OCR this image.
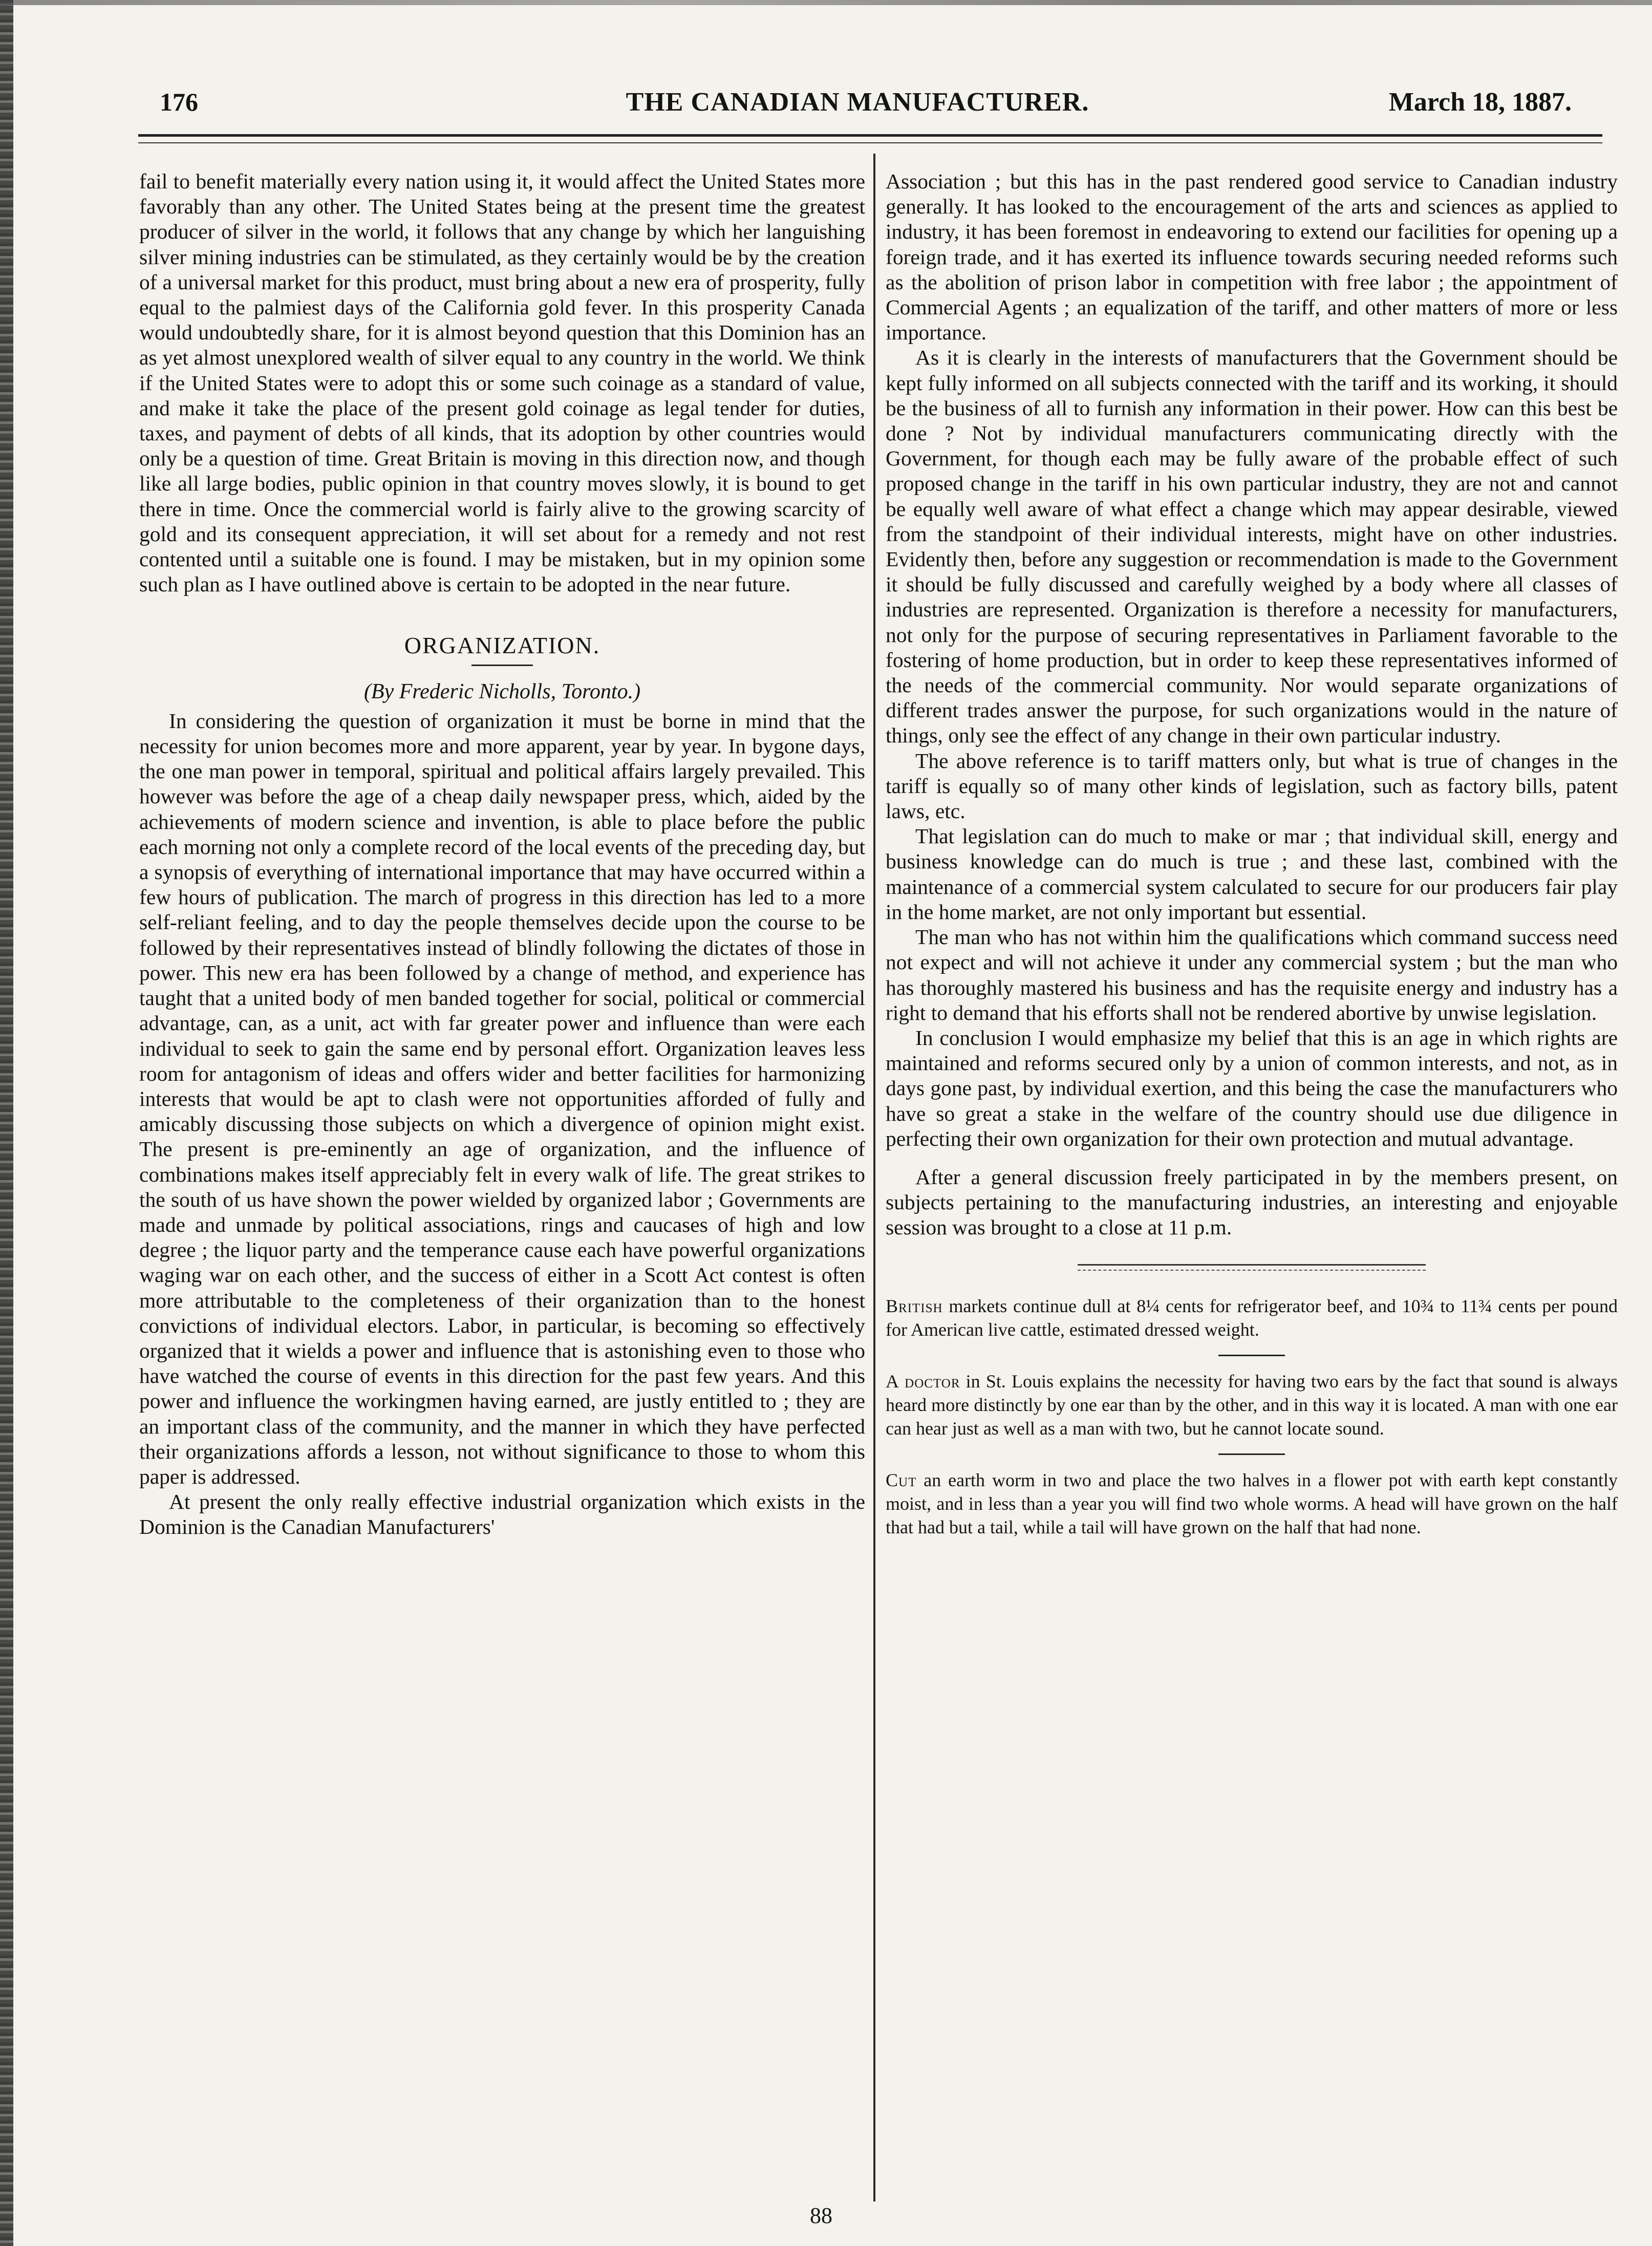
176	THE CANADIAN MANUFACTURER.	March 18, 1887.

fail to benefit materially every nation using it, it would affect the United States more favorably than any other. The United States being at the present time the greatest producer of silver in the world, it follows that any change by which her languishing silver mining industries can be stimulated, as they certainly would be by the creation of a universal market for this product, must bring about a new era of prosperity, fully equal to the palmiest days of the California gold fever. In this prosperity Canada would undoubtedly share, for it is almost beyond question that this Dominion has an as yet almost unexplored wealth of silver equal to any country in the world. We think if the United States were to adopt this or some such coinage as a standard of value, and make it take the place of the present gold coinage as legal tender for duties, taxes, and payment of debts of all kinds, that its adoption by other countries would only be a question of time. Great Britain is moving in this direction now, and though like all large bodies, public opinion in that country moves slowly, it is bound to get there in time. Once the commercial world is fairly alive to the growing scarcity of gold and its consequent appreciation, it will set about for a remedy and not rest contented until a suitable one is found. I may be mistaken, but in my opinion some such plan as I have outlined above is certain to be adopted in the near future.

ORGANIZATION.
(By Frederic Nicholls, Toronto.)

In considering the question of organization it must be borne in mind that the necessity for union becomes more and more apparent, year by year. In bygone days, the one man power in temporal, spiritual and political affairs largely prevailed. This however was before the age of a cheap daily newspaper press, which, aided by the achievements of modern science and invention, is able to place before the public each morning not only a complete record of the local events of the preceding day, but a synopsis of everything of international importance that may have occurred within a few hours of publication. The march of progress in this direction has led to a more self-reliant feeling, and to day the people themselves decide upon the course to be followed by their representatives instead of blindly following the dictates of those in power. This new era has been followed by a change of method, and experience has taught that a united body of men banded together for social, political or commercial advantage, can, as a unit, act with far greater power and influence than were each individual to seek to gain the same end by personal effort. Organization leaves less room for antagonism of ideas and offers wider and better facilities for harmonizing interests that would be apt to clash were not opportunities afforded of fully and amicably discussing those subjects on which a divergence of opinion might exist. The present is pre-eminently an age of organization, and the influence of combinations makes itself appreciably felt in every walk of life. The great strikes to the south of us have shown the power wielded by organized labor ; Governments are made and unmade by political associations, rings and caucases of high and low degree ; the liquor party and the temperance cause each have powerful organizations waging war on each other, and the success of either in a Scott Act contest is often more attributable to the completeness of their organization than to the honest convictions of individual electors. Labor, in particular, is becoming so effectively organized that it wields a power and influence that is astonishing even to those who have watched the course of events in this direction for the past few years. And this power and influence the workingmen having earned, are justly entitled to ; they are an important class of the community, and the manner in which they have perfected their organizations affords a lesson, not without significance to those to whom this paper is addressed.

At present the only really effective industrial organization which exists in the Dominion is the Canadian Manufacturers'

Association ; but this has in the past rendered good service to Canadian industry generally. It has looked to the encouragement of the arts and sciences as applied to industry, it has been foremost in endeavoring to extend our facilities for opening up a foreign trade, and it has exerted its influence towards securing needed reforms such as the abolition of prison labor in competition with free labor ; the appointment of Commercial Agents ; an equalization of the tariff, and other matters of more or less importance.

As it is clearly in the interests of manufacturers that the Government should be kept fully informed on all subjects connected with the tariff and its working, it should be the business of all to furnish any information in their power. How can this best be done ? Not by individual manufacturers communicating directly with the Government, for though each may be fully aware of the probable effect of such proposed change in the tariff in his own particular industry, they are not and cannot be equally well aware of what effect a change which may appear desirable, viewed from the standpoint of their individual interests, might have on other industries. Evidently then, before any suggestion or recommendation is made to the Government it should be fully discussed and carefully weighed by a body where all classes of industries are represented. Organization is therefore a necessity for manufacturers, not only for the purpose of securing representatives in Parliament favorable to the fostering of home production, but in order to keep these representatives informed of the needs of the commercial community. Nor would separate organizations of different trades answer the purpose, for such organizations would in the nature of things, only see the effect of any change in their own particular industry.

The above reference is to tariff matters only, but what is true of changes in the tariff is equally so of many other kinds of legislation, such as factory bills, patent laws, etc.

That legislation can do much to make or mar ; that individual skill, energy and business knowledge can do much is true ; and these last, combined with the maintenance of a commercial system calculated to secure for our producers fair play in the home market, are not only important but essential.

The man who has not within him the qualifications which command success need not expect and will not achieve it under any commercial system ; but the man who has thoroughly mastered his business and has the requisite energy and industry has a right to demand that his efforts shall not be rendered abortive by unwise legislation.

In conclusion I would emphasize my belief that this is an age in which rights are maintained and reforms secured only by a union of common interests, and not, as in days gone past, by individual exertion, and this being the case the manufacturers who have so great a stake in the welfare of the country should use due diligence in perfecting their own organization for their own protection and mutual advantage.

After a general discussion freely participated in by the members present, on subjects pertaining to the manufacturing industries, an interesting and enjoyable session was brought to a close at 11 p.m.

British markets continue dull at 8¼ cents for refrigerator beef, and 10¾ to 11¾ cents per pound for American live cattle, estimated dressed weight.

A doctor in St. Louis explains the necessity for having two ears by the fact that sound is always heard more distinctly by one ear than by the other, and in this way it is located. A man with one ear can hear just as well as a man with two, but he cannot locate sound.

Cut an earth worm in two and place the two halves in a flower pot with earth kept constantly moist, and in less than a year you will find two whole worms. A head will have grown on the half that had but a tail, while a tail will have grown on the half that had none.

88
